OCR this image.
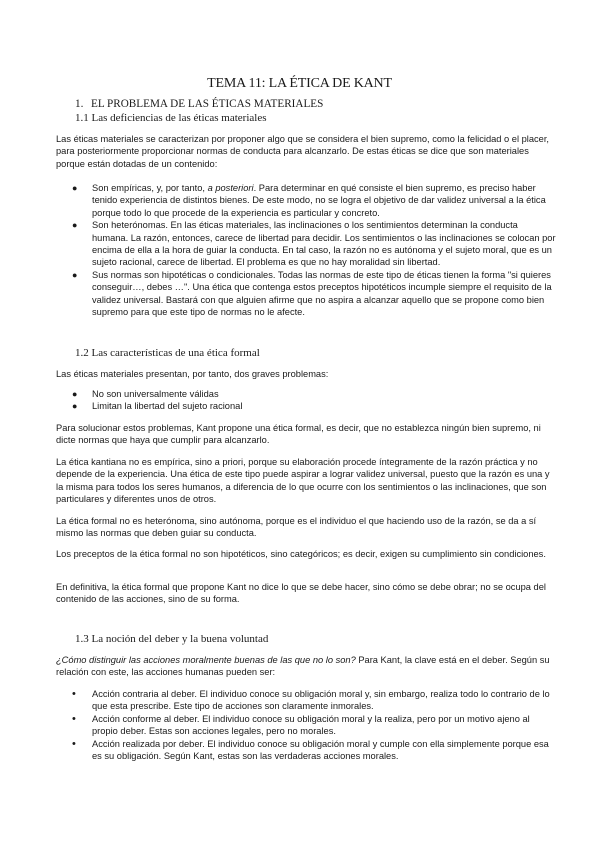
TEMA 11: LA ÉTICA DE KANT
1. EL PROBLEMA DE LAS ÉTICAS MATERIALES
1.1 Las deficiencias de las éticas materiales
Las éticas materiales se caracterizan por proponer algo que se considera el bien supremo, como la felicidad o el placer, para posteriormente proporcionar normas de conducta para alcanzarlo. De estas éticas se dice que son materiales porque están dotadas de un contenido:
● Son empíricas, y, por tanto, a posteriori. Para determinar en qué consiste el bien supremo, es preciso haber tenido experiencia de distintos bienes. De este modo, no se logra el objetivo de dar validez universal a la ética porque todo lo que procede de la experiencia es particular y concreto.
● Son heterónomas. En las éticas materiales, las inclinaciones o los sentimientos determinan la conducta humana. La razón, entonces, carece de libertad para decidir. Los sentimientos o las inclinaciones se colocan por encima de ella a la hora de guiar la conducta. En tal caso, la razón no es autónoma y el sujeto moral, que es un sujeto racional, carece de libertad. El problema es que no hay moralidad sin libertad.
● Sus normas son hipotéticas o condicionales. Todas las normas de este tipo de éticas tienen la forma "si quieres conseguir…, debes …". Una ética que contenga estos preceptos hipotéticos incumple siempre el requisito de la validez universal. Bastará con que alguien afirme que no aspira a alcanzar aquello que se propone como bien supremo para que este tipo de normas no le afecte.
1.2 Las características de una ética formal
Las éticas materiales presentan, por tanto, dos graves problemas:
● No son universalmente válidas
● Limitan la libertad del sujeto racional
Para solucionar estos problemas, Kant propone una ética formal, es decir, que no establezca ningún bien supremo, ni dicte normas que haya que cumplir para alcanzarlo.
La ética kantiana no es empírica, sino a priori, porque su elaboración procede íntegramente de la razón práctica y no depende de la experiencia. Una ética de este tipo puede aspirar a lograr validez universal, puesto que la razón es una y la misma para todos los seres humanos, a diferencia de lo que ocurre con los sentimientos o las inclinaciones, que son particulares y diferentes unos de otros.
La ética formal no es heterónoma, sino autónoma, porque es el individuo el que haciendo uso de la razón, se da a sí mismo las normas que deben guiar su conducta.
Los preceptos de la ética formal no son hipotéticos, sino categóricos; es decir, exigen su cumplimiento sin condiciones.
En definitiva, la ética formal que propone Kant no dice lo que se debe hacer, sino cómo se debe obrar; no se ocupa del contenido de las acciones, sino de su forma.
1.3 La noción del deber y la buena voluntad
¿Cómo distinguir las acciones moralmente buenas de las que no lo son? Para Kant, la clave está en el deber. Según su relación con este, las acciones humanas pueden ser:
• Acción contraria al deber. El individuo conoce su obligación moral y, sin embargo, realiza todo lo contrario de lo que esta prescribe. Este tipo de acciones son claramente inmorales.
• Acción conforme al deber. El individuo conoce su obligación moral y la realiza, pero por un motivo ajeno al propio deber. Estas son acciones legales, pero no morales.
• Acción realizada por deber. El individuo conoce su obligación moral y cumple con ella simplemente porque esa es su obligación. Según Kant, estas son las verdaderas acciones morales.
